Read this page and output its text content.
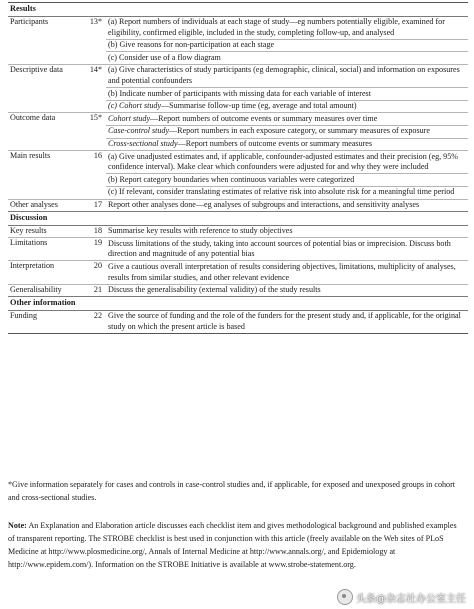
Results		
Participants	13*	(a) Report numbers of individuals at each stage of study—eg numbers potentially eligible, examined for eligibility, confirmed eligible, included in the study, completing follow-up, and analysed
		(b) Give reasons for non-participation at each stage
		(c) Consider use of a flow diagram
Descriptive data	14*	(a) Give characteristics of study participants (eg demographic, clinical, social) and information on exposures and potential confounders
		(b) Indicate number of participants with missing data for each variable of interest
		(c) Cohort study—Summarise follow-up time (eg, average and total amount)
Outcome data	15*	Cohort study—Report numbers of outcome events or summary measures over time
		Case-control study—Report numbers in each exposure category, or summary measures of exposure
		Cross-sectional study—Report numbers of outcome events or summary measures
Main results	16	(a) Give unadjusted estimates and, if applicable, confounder-adjusted estimates and their precision (eg, 95% confidence interval). Make clear which confounders were adjusted for and why they were included
		(b) Report category boundaries when continuous variables were categorized
		(c) If relevant, consider translating estimates of relative risk into absolute risk for a meaningful time period
Other analyses	17	Report other analyses done—eg analyses of subgroups and interactions, and sensitivity analyses
Discussion		
Key results	18	Summarise key results with reference to study objectives
Limitations	19	Discuss limitations of the study, taking into account sources of potential bias or imprecision. Discuss both direction and magnitude of any potential bias
Interpretation	20	Give a cautious overall interpretation of results considering objectives, limitations, multiplicity of analyses, results from similar studies, and other relevant evidence
Generalisability	21	Discuss the generalisability (external validity) of the study results
Other information		
Funding	22	Give the source of funding and the role of the funders for the present study and, if applicable, for the original study on which the present article is based
*Give information separately for cases and controls in case-control studies and, if applicable, for exposed and unexposed groups in cohort and cross-sectional studies.
Note: An Explanation and Elaboration article discusses each checklist item and gives methodological background and published examples of transparent reporting. The STROBE checklist is best used in conjunction with this article (freely available on the Web sites of PLoS Medicine at http://www.plosmedicine.org/, Annals of Internal Medicine at http://www.annals.org/, and Epidemiology at http://www.epidem.com/). Information on the STROBE Initiative is available at www.strobe-statement.org.
头条@杂志社办公室主任
